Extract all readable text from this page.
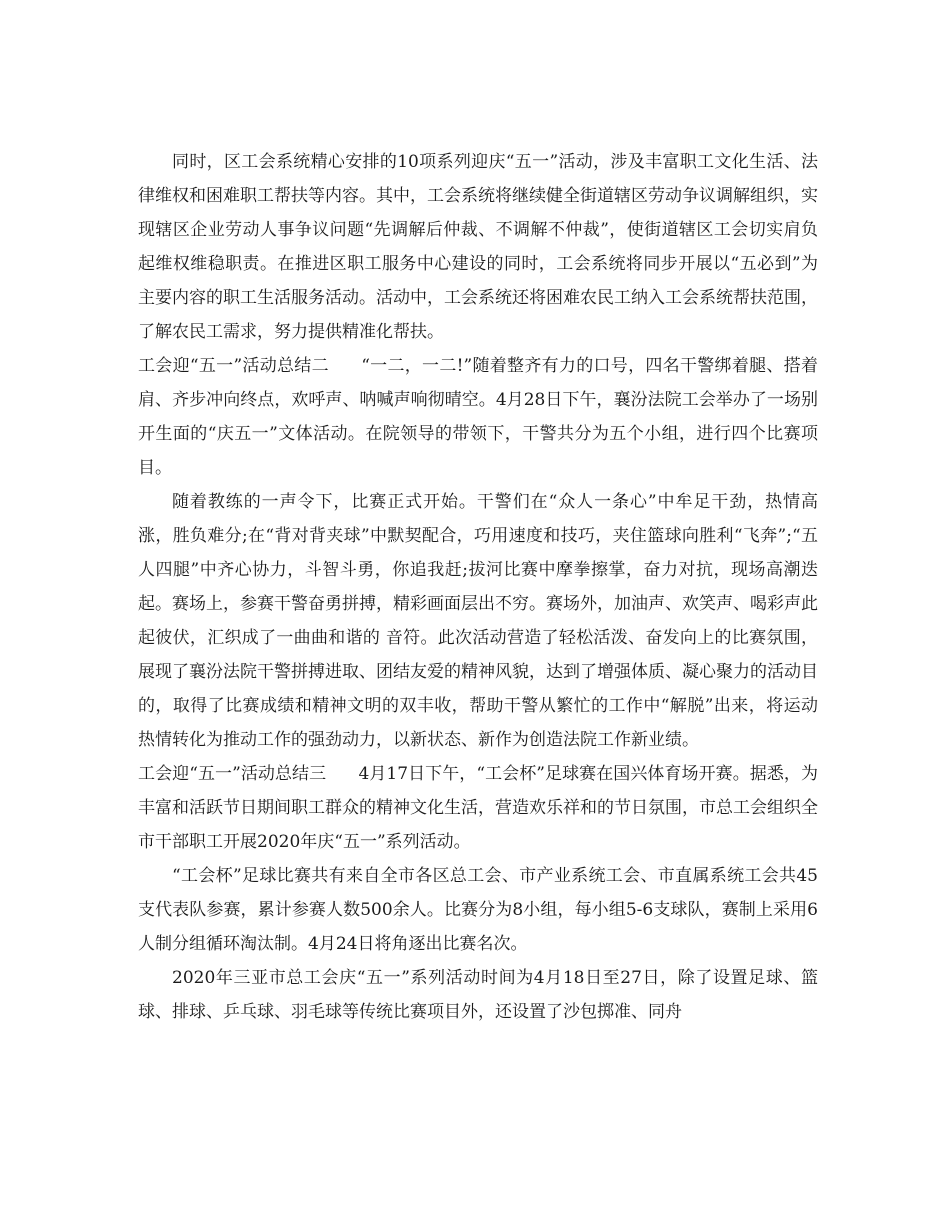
同时，区工会系统精心安排的10项系列迎庆“五一”活动，涉及丰富职工文化生活、法律维权和困难职工帮扶等内容。其中，工会系统将继续健全街道辖区劳动争议调解组织，实现辖区企业劳动人事争议问题“先调解后仲裁、不调解不仲裁”，使街道辖区工会切实肩负起维权维稳职责。在推进区职工服务中心建设的同时，工会系统将同步开展以“五必到”为主要内容的职工生活服务活动。活动中，工会系统还将困难农民工纳入工会系统帮扶范围，了解农民工需求，努力提供精准化帮扶。

工会迎“五一”活动总结二 “一二，一二!”随着整齐有力的口号，四名干警绑着腿、搭着肩、齐步冲向终点，欢呼声、呐喊声响彻晴空。4月28日下午，襄汾法院工会举办了一场别开生面的“庆五一”文体活动。在院领导的带领下，干警共分为五个小组，进行四个比赛项目。

随着教练的一声令下，比赛正式开始。干警们在“众人一条心”中牟足干劲，热情高涨，胜负难分;在“背对背夹球”中默契配合，巧用速度和技巧，夹住篮球向胜利“飞奔”;“五人四腿”中齐心协力，斗智斗勇，你追我赶;拔河比赛中摩拳擦掌，奋力对抗，现场高潮迭起。赛场上，参赛干警奋勇拼搏，精彩画面层出不穷。赛场外，加油声、欢笑声、喝彩声此起彼伏，汇织成了一曲曲和谐的 音符。此次活动营造了轻松活泼、奋发向上的比赛氛围，展现了襄汾法院干警拼搏进取、团结友爱的精神风貌，达到了增强体质、凝心聚力的活动目的，取得了比赛成绩和精神文明的双丰收，帮助干警从繁忙的工作中“解脱”出来，将运动热情转化为推动工作的强劲动力，以新状态、新作为创造法院工作新业绩。

工会迎“五一”活动总结三 4月17日下午，“工会杯”足球赛在国兴体育场开赛。据悉，为丰富和活跃节日期间职工群众的精神文化生活，营造欢乐祥和的节日氛围，市总工会组织全市干部职工开展2020年庆“五一”系列活动。

“工会杯”足球比赛共有来自全市各区总工会、市产业系统工会、市直属系统工会共45支代表队参赛，累计参赛人数500余人。比赛分为8小组，每小组5-6支球队，赛制上采用6人制分组循环淘汰制。4月24日将角逐出比赛名次。

2020年三亚市总工会庆“五一”系列活动时间为4月18日至27日，除了设置足球、篮球、排球、乒乓球、羽毛球等传统比赛项目外，还设置了沙包掷准、同舟
